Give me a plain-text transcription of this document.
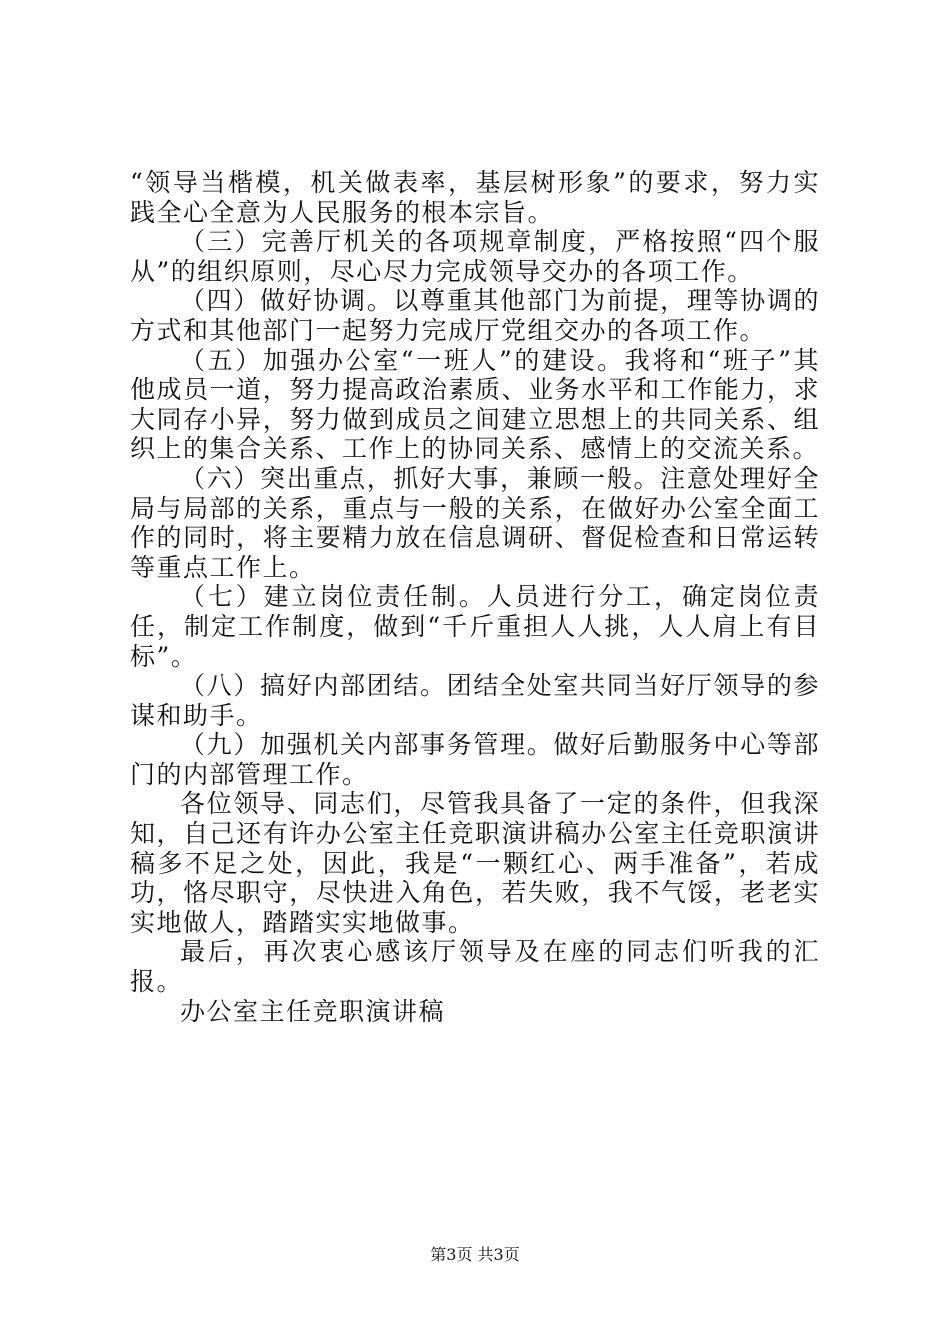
“领导当楷模，机关做表率，基层树形象”的要求，努力实践全心全意为人民服务的根本宗旨。

（三）完善厅机关的各项规章制度，严格按照“四个服从”的组织原则，尽心尽力完成领导交办的各项工作。

（四）做好协调。以尊重其他部门为前提，理等协调的方式和其他部门一起努力完成厅党组交办的各项工作。

（五）加强办公室“一班人”的建设。我将和“班子”其他成员一道，努力提高政治素质、业务水平和工作能力，求大同存小异，努力做到成员之间建立思想上的共同关系、组织上的集合关系、工作上的协同关系、感情上的交流关系。

（六）突出重点，抓好大事，兼顾一般。注意处理好全局与局部的关系，重点与一般的关系，在做好办公室全面工作的同时，将主要精力放在信息调研、督促检查和日常运转等重点工作上。

（七）建立岗位责任制。人员进行分工，确定岗位责任，制定工作制度，做到“千斤重担人人挑，人人肩上有目标”。

（八）搞好内部团结。团结全处室共同当好厅领导的参谋和助手。

（九）加强机关内部事务管理。做好后勤服务中心等部门的内部管理工作。

各位领导、同志们，尽管我具备了一定的条件，但我深知，自己还有许办公室主任竞职演讲稿办公室主任竞职演讲稿多不足之处，因此，我是“一颗红心、两手准备”，若成功，恪尽职守，尽快进入角色，若失败，我不气馁，老老实实地做人，踏踏实实地做事。

最后，再次衷心感该厅领导及在座的同志们听我的汇报。

办公室主任竞职演讲稿

第3页 共3页
